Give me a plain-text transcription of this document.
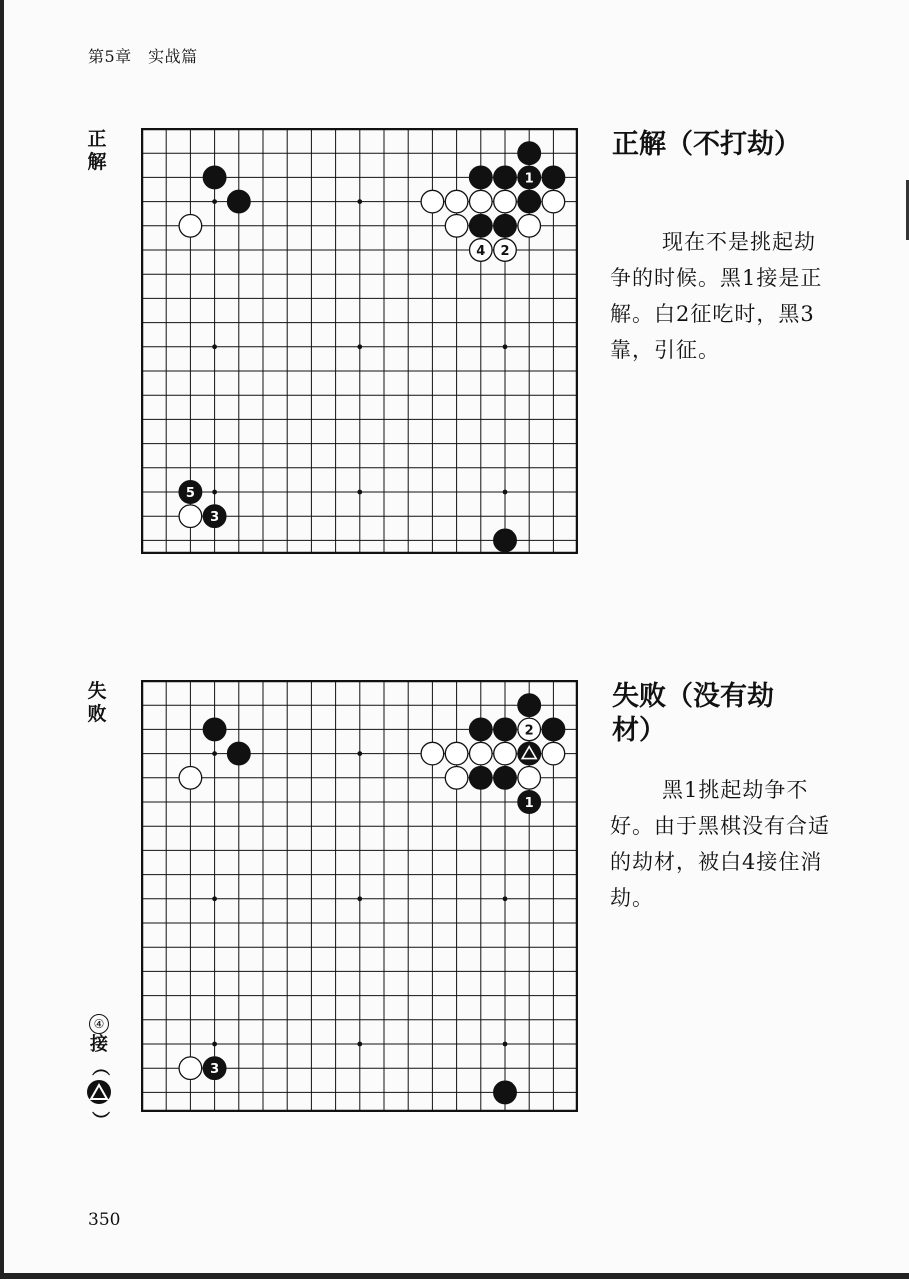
第5章　实战篇
正
解
1
4 2
5
3
正解（不打劫）
现在不是挑起劫争的时候。黑1接是正解。白2征吃时，黑3靠，引征。
失
败
2
1
3
失败（没有劫材）
黑1挑起劫争不好。由于黑棋没有合适的劫材，被白4接住消劫。
④
接
（
）
350
